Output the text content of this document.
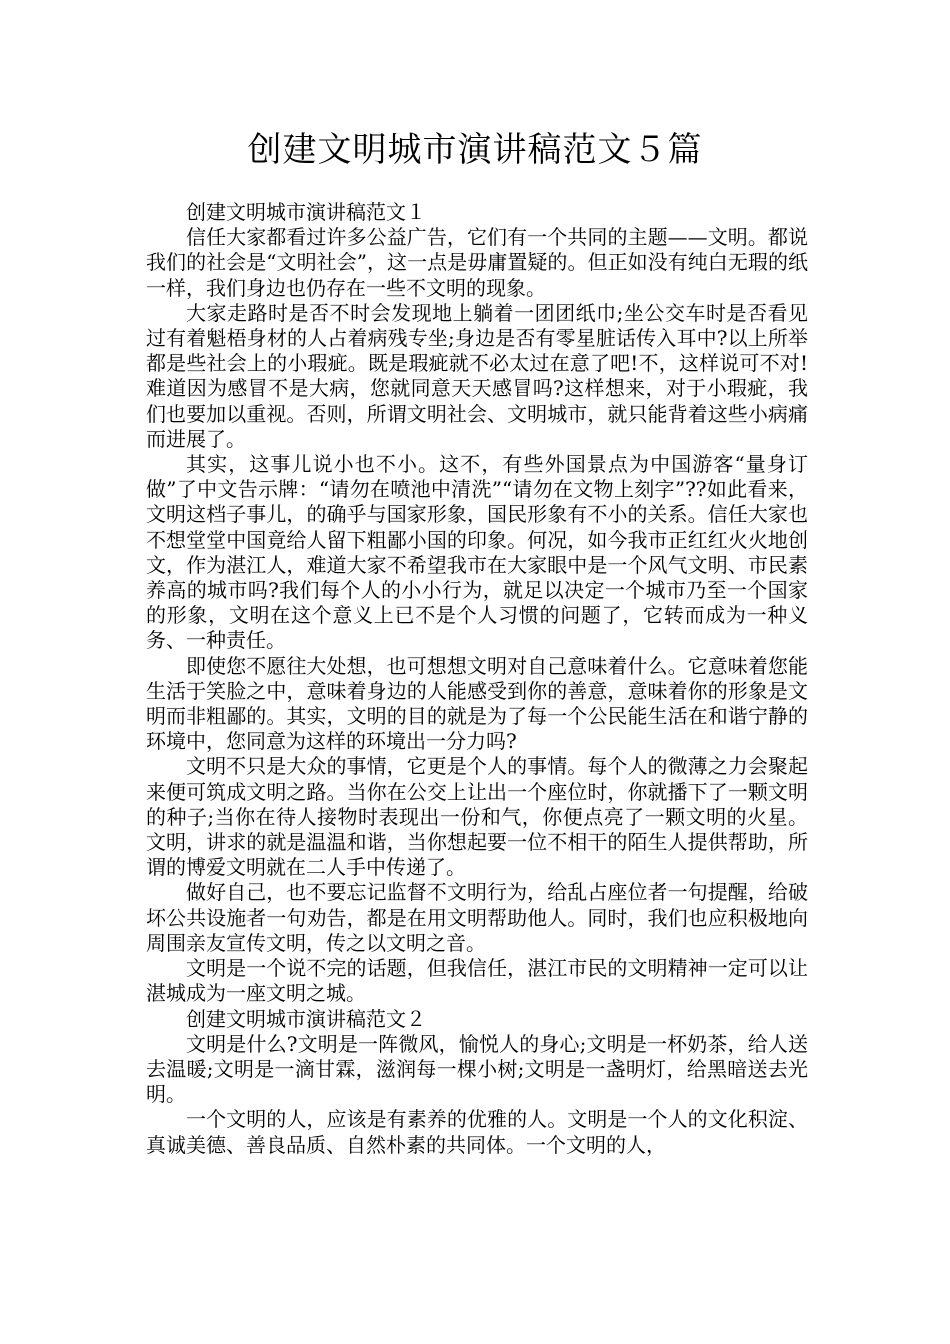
创建文明城市演讲稿范文５篇

创建文明城市演讲稿范文１

信任大家都看过许多公益广告，它们有一个共同的主题——文明。都说我们的社会是“文明社会”，这一点是毋庸置疑的。但正如没有纯白无瑕的纸一样，我们身边也仍存在一些不文明的现象。

大家走路时是否不时会发现地上躺着一团团纸巾;坐公交车时是否看见过有着魁梧身材的人占着病残专坐;身边是否有零星脏话传入耳中?以上所举都是些社会上的小瑕疵。既是瑕疵就不必太过在意了吧!不，这样说可不对!难道因为感冒不是大病，您就同意天天感冒吗?这样想来，对于小瑕疵，我们也要加以重视。否则，所谓文明社会、文明城市，就只能背着这些小病痛而进展了。

其实，这事儿说小也不小。这不，有些外国景点为中国游客“量身订做”了中文告示牌：“请勿在喷池中清洗”“请勿在文物上刻字”??如此看来，文明这档子事儿，的确乎与国家形象，国民形象有不小的关系。信任大家也不想堂堂中国竟给人留下粗鄙小国的印象。何况，如今我市正红红火火地创文，作为湛江人，难道大家不希望我市在大家眼中是一个风气文明、市民素养高的城市吗?我们每个人的小小行为，就足以决定一个城市乃至一个国家的形象，文明在这个意义上已不是个人习惯的问题了，它转而成为一种义务、一种责任。

即使您不愿往大处想，也可想想文明对自己意味着什么。它意味着您能生活于笑脸之中，意味着身边的人能感受到你的善意，意味着你的形象是文明而非粗鄙的。其实，文明的目的就是为了每一个公民能生活在和谐宁静的环境中，您同意为这样的环境出一分力吗?

文明不只是大众的事情，它更是个人的事情。每个人的微薄之力会聚起来便可筑成文明之路。当你在公交上让出一个座位时，你就播下了一颗文明的种子;当你在待人接物时表现出一份和气，你便点亮了一颗文明的火星。文明，讲求的就是温温和谐，当你想起要一位不相干的陌生人提供帮助，所谓的博爱文明就在二人手中传递了。

做好自己，也不要忘记监督不文明行为，给乱占座位者一句提醒，给破坏公共设施者一句劝告，都是在用文明帮助他人。同时，我们也应积极地向周围亲友宣传文明，传之以文明之音。

文明是一个说不完的话题，但我信任，湛江市民的文明精神一定可以让湛城成为一座文明之城。

创建文明城市演讲稿范文２

文明是什么?文明是一阵微风，愉悦人的身心;文明是一杯奶茶，给人送去温暖;文明是一滴甘霖，滋润每一棵小树;文明是一盏明灯，给黑暗送去光明。

一个文明的人，应该是有素养的优雅的人。文明是一个人的文化积淀、真诚美德、善良品质、自然朴素的共同体。一个文明的人，
